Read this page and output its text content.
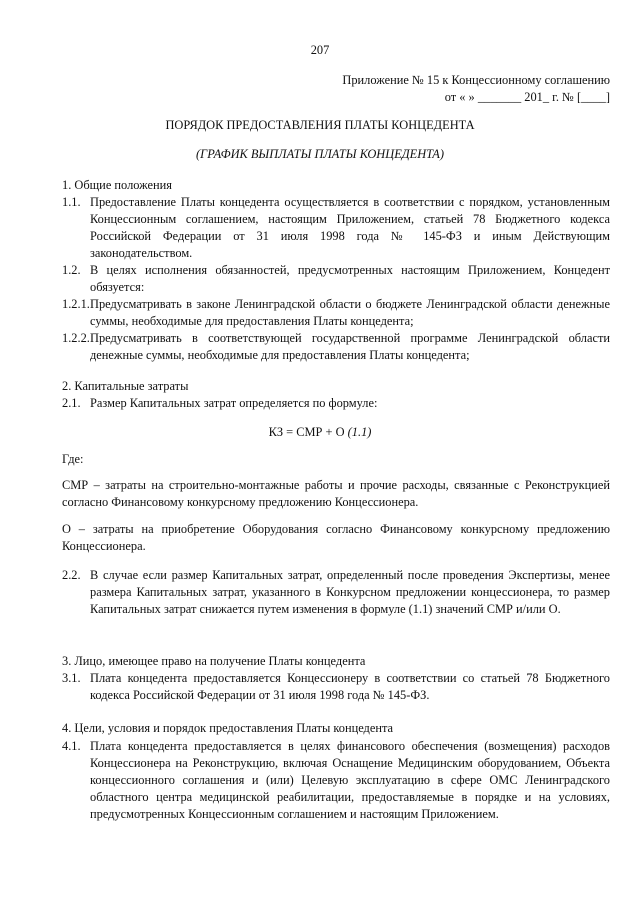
207
Приложение № 15 к Концессионному соглашению
от « » _______ 201_ г. № [____]
ПОРЯДОК ПРЕДОСТАВЛЕНИЯ ПЛАТЫ КОНЦЕДЕНТА
(ГРАФИК ВЫПЛАТЫ ПЛАТЫ КОНЦЕДЕНТА)
1. Общие положения
1.1. Предоставление Платы концедента осуществляется в соответствии с порядком, установленным Концессионным соглашением, настоящим Приложением, статьей 78 Бюджетного кодекса Российской Федерации от 31 июля 1998 года № 145-ФЗ и иным Действующим законодательством.
1.2. В целях исполнения обязанностей, предусмотренных настоящим Приложением, Концедент обязуется:
1.2.1. Предусматривать в законе Ленинградской области о бюджете Ленинградской области денежные суммы, необходимые для предоставления Платы концедента;
1.2.2. Предусматривать в соответствующей государственной программе Ленинградской области денежные суммы, необходимые для предоставления Платы концедента;
2. Капитальные затраты
2.1. Размер Капитальных затрат определяется по формуле:
КЗ = СМР + О (1.1)
Где:
СМР – затраты на строительно-монтажные работы и прочие расходы, связанные с Реконструкцией согласно Финансовому конкурсному предложению Концессионера.
О – затраты на приобретение Оборудования согласно Финансовому конкурсному предложению Концессионера.
2.2. В случае если размер Капитальных затрат, определенный после проведения Экспертизы, менее размера Капитальных затрат, указанного в Конкурсном предложении концессионера, то размер Капитальных затрат снижается путем изменения в формуле (1.1) значений СМР и/или О.
3. Лицо, имеющее право на получение Платы концедента
3.1. Плата концедента предоставляется Концессионеру в соответствии со статьей 78 Бюджетного кодекса Российской Федерации от 31 июля 1998 года № 145-ФЗ.
4. Цели, условия и порядок предоставления Платы концедента
4.1. Плата концедента предоставляется в целях финансового обеспечения (возмещения) расходов Концессионера на Реконструкцию, включая Оснащение Медицинским оборудованием, Объекта концессионного соглашения и (или) Целевую эксплуатацию в сфере ОМС Ленинградского областного центра медицинской реабилитации, предоставляемые в порядке и на условиях, предусмотренных Концессионным соглашением и настоящим Приложением.
